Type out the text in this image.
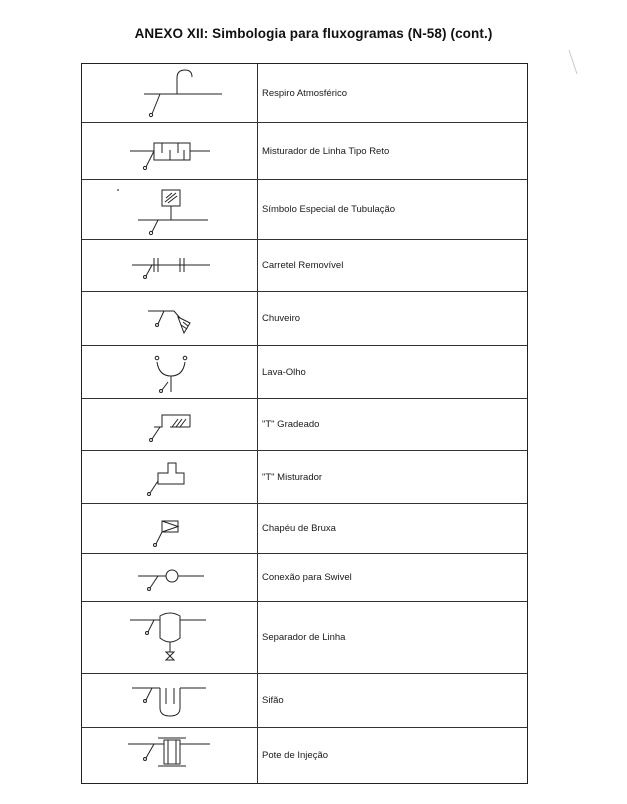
ANEXO XII: Simbologia para fluxogramas (N-58) (cont.)
Respiro Atmosférico
Misturador de Linha Tipo Reto
Símbolo Especial de Tubulação
Carretel Removível
Chuveiro
Lava-Olho
"T" Gradeado
"T" Misturador
Chapéu de Bruxa
Conexão para Swivel
Separador de Linha
Sifão
Pote de Injeção
